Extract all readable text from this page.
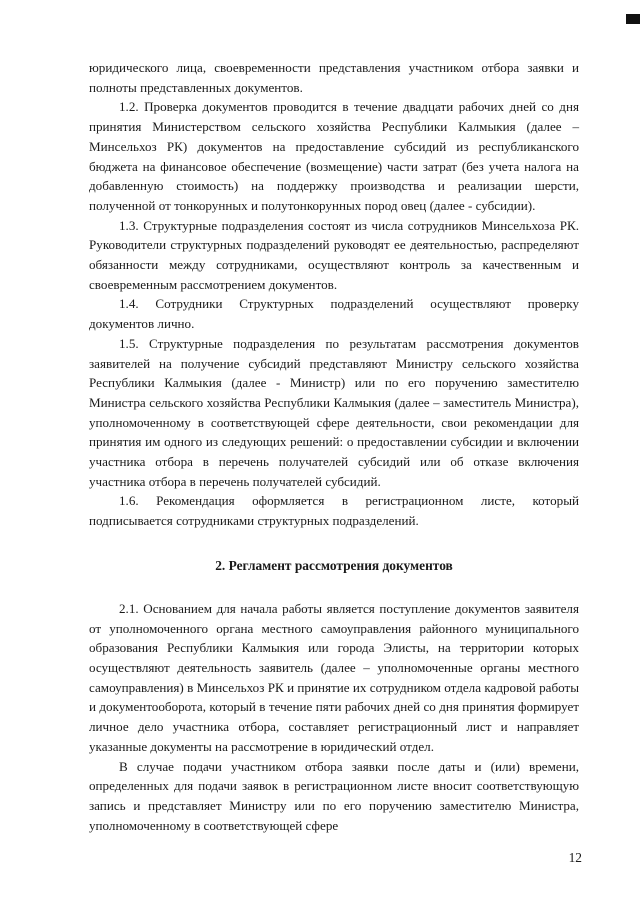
юридического лица, своевременности представления участником отбора заявки и полноты представленных документов.

1.2. Проверка документов проводится в течение двадцати рабочих дней со дня принятия Министерством сельского хозяйства Республики Калмыкия (далее – Минсельхоз РК) документов на предоставление субсидий из республиканского бюджета на финансовое обеспечение (возмещение) части затрат (без учета налога на добавленную стоимость) на поддержку производства и реализации шерсти, полученной от тонкорунных и полутонкорунных пород овец (далее - субсидии).

1.3. Структурные подразделения состоят из числа сотрудников Минсельхоза РК. Руководители структурных подразделений руководят ее деятельностью, распределяют обязанности между сотрудниками, осуществляют контроль за качественным и своевременным рассмотрением документов.

1.4. Сотрудники Структурных подразделений осуществляют проверку документов лично.

1.5. Структурные подразделения по результатам рассмотрения документов заявителей на получение субсидий представляют Министру сельского хозяйства Республики Калмыкия (далее - Министр) или по его поручению заместителю Министра сельского хозяйства Республики Калмыкия (далее – заместитель Министра), уполномоченному в соответствующей сфере деятельности, свои рекомендации для принятия им одного из следующих решений: о предоставлении субсидии и включении участника отбора в перечень получателей субсидий или об отказе включения участника отбора в перечень получателей субсидий.

1.6. Рекомендация оформляется в регистрационном листе, который подписывается сотрудниками структурных подразделений.

2. Регламент рассмотрения документов

2.1. Основанием для начала работы является поступление документов заявителя от уполномоченного органа местного самоуправления районного муниципального образования Республики Калмыкия или города Элисты, на территории которых осуществляют деятельность заявитель (далее – уполномоченные органы местного самоуправления) в Минсельхоз РК и принятие их сотрудником отдела кадровой работы и документооборота, который в течение пяти рабочих дней со дня принятия формирует личное дело участника отбора, составляет регистрационный лист и направляет указанные документы на рассмотрение в юридический отдел.

В случае подачи участником отбора заявки после даты и (или) времени, определенных для подачи заявок в регистрационном листе вносит соответствующую запись и представляет Министру или по его поручению заместителю Министра, уполномоченному в соответствующей сфере

12
